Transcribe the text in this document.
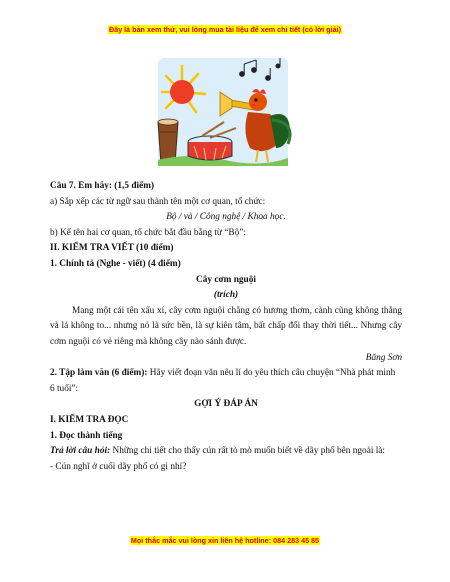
Đây là bản xem thử, vui lòng mua tài liệu để xem chi tiết (có lời giải)

Câu 7. Em hãy: (1,5 điểm)

a) Sắp xếp các từ ngữ sau thành tên một cơ quan, tổ chức:

Bộ / và / Công nghệ / Khoa học.

b) Kể tên hai cơ quan, tổ chức bắt đầu bằng từ “Bộ”:

II. KIỂM TRA VIẾT (10 điểm)

1. Chính tả (Nghe - viết) (4 điểm)

Cây cơm nguội

(trích)

Mang một cái tên xấu xí, cây cơm nguội chẳng có hương thơm, cành cũng không thẳng và lá không to... nhưng nó là sức bền, là sự kiên tâm, bất chấp đổi thay thời tiết... Nhưng cây cơm nguội có vẻ riêng mà không cây nào sánh được.

Băng Sơn

2. Tập làm văn (6 điểm): Hãy viết đoạn văn nêu lí do yêu thích câu chuyện “Nhà phát minh 6 tuổi”:

GỢI Ý ĐÁP ÁN

I. KIỂM TRA ĐỌC

1. Đọc thành tiếng

Trả lời câu hỏi: Những chi tiết cho thấy cún rất tò mò muốn biết về dãy phố bên ngoài là:

- Cún nghĩ ở cuối dãy phố có gì nhỉ?

Mọi thắc mắc vui lòng xin liên hệ hotline: 084 283 45 85
